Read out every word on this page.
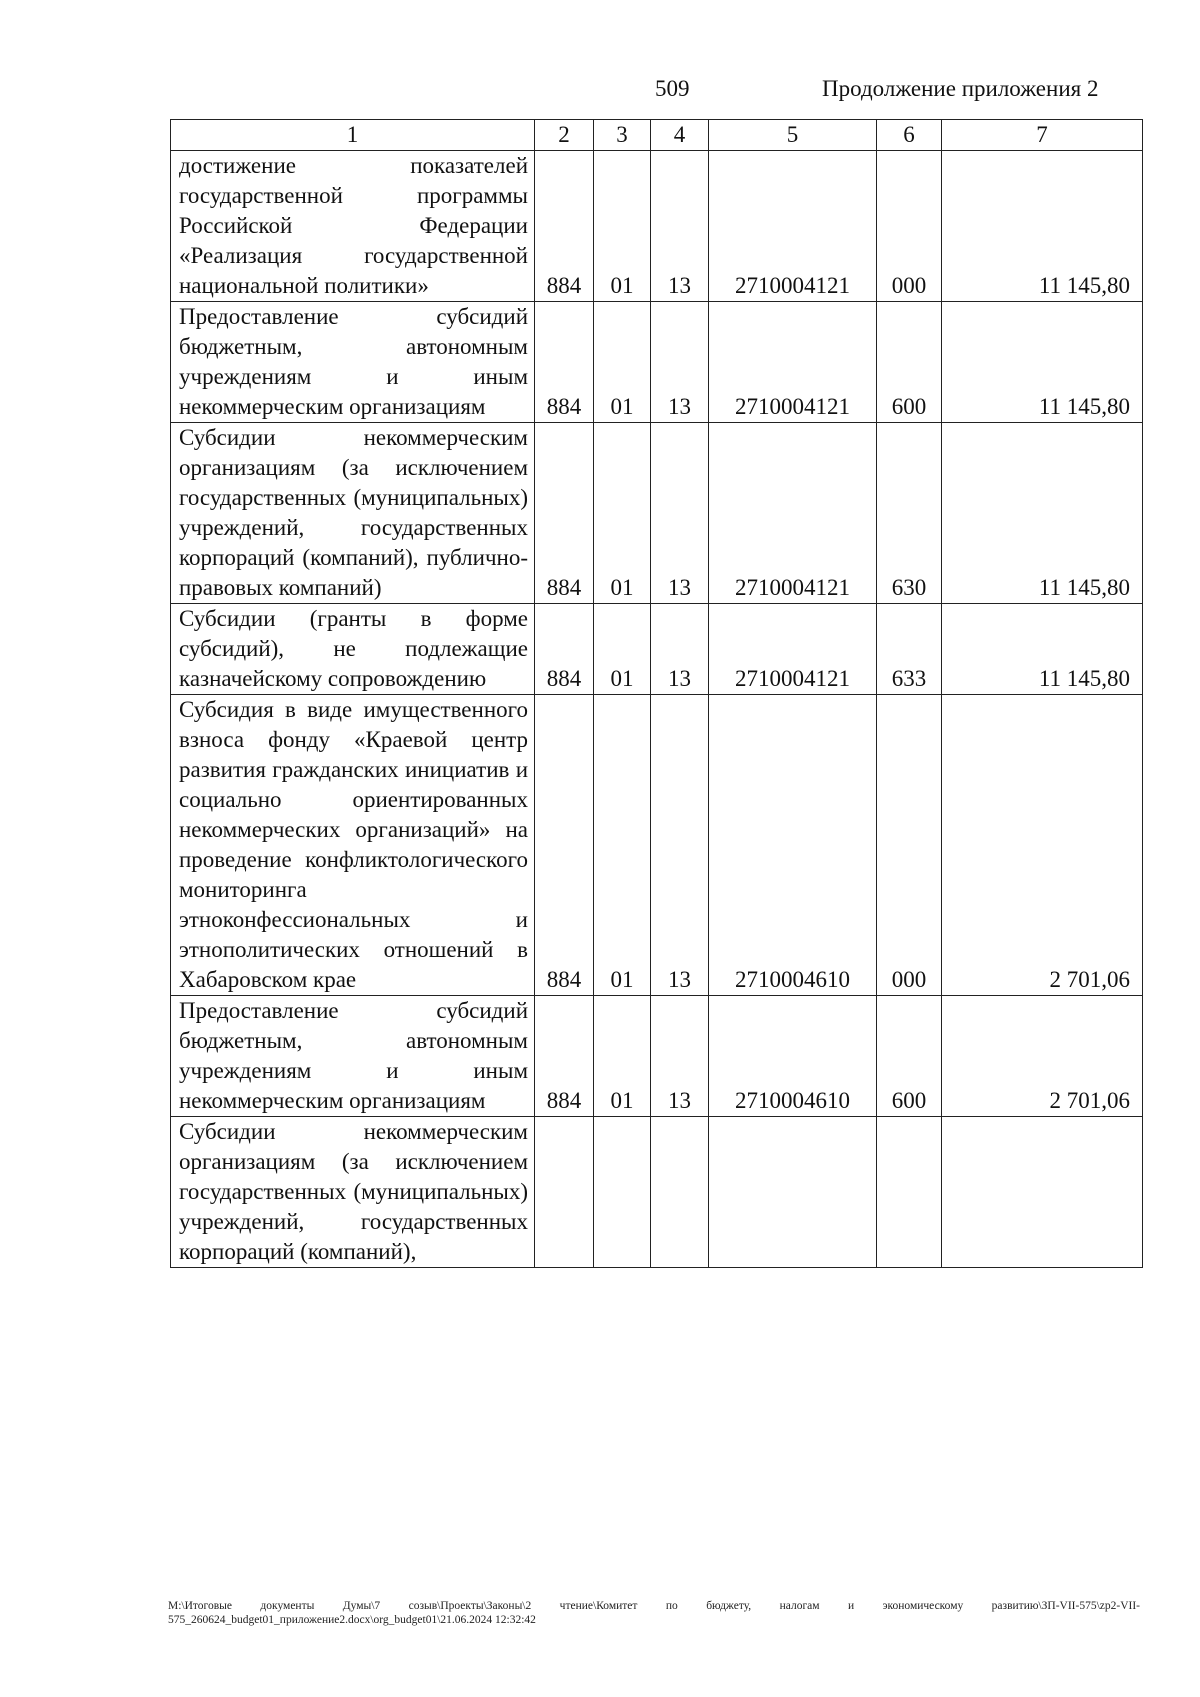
509	Продолжение приложения 2
1	2	3	4	5	6	7
достижение показателей государственной программы Российской Федерации «Реализация государственной национальной политики»	884	01	13	2710004121	000	11 145,80
Предоставление субсидий бюджетным, автономным учреждениям и иным некоммерческим организациям	884	01	13	2710004121	600	11 145,80
Субсидии некоммерческим организациям (за исключением государственных (муниципальных) учреждений, государственных корпораций (компаний), публично-правовых компаний)	884	01	13	2710004121	630	11 145,80
Субсидии (гранты в форме субсидий), не подлежащие казначейскому сопровождению	884	01	13	2710004121	633	11 145,80
Субсидия в виде имущественного взноса фонду «Краевой центр развития гражданских инициатив и социально ориентированных некоммерческих организаций» на проведение конфликтологического мониторинга этноконфессиональных и этнополитических отношений в Хабаровском крае	884	01	13	2710004610	000	2 701,06
Предоставление субсидий бюджетным, автономным учреждениям и иным некоммерческим организациям	884	01	13	2710004610	600	2 701,06
Субсидии некоммерческим организациям (за исключением государственных (муниципальных) учреждений, государственных корпораций (компаний),						
M:\Итоговые документы Думы\7 созыв\Проекты\Законы\2 чтение\Комитет по бюджету, налогам и экономическому развитию\ЗП-VII-575\zp2-VII-575_260624_budget01_приложение2.docx\org_budget01\21.06.2024 12:32:42
